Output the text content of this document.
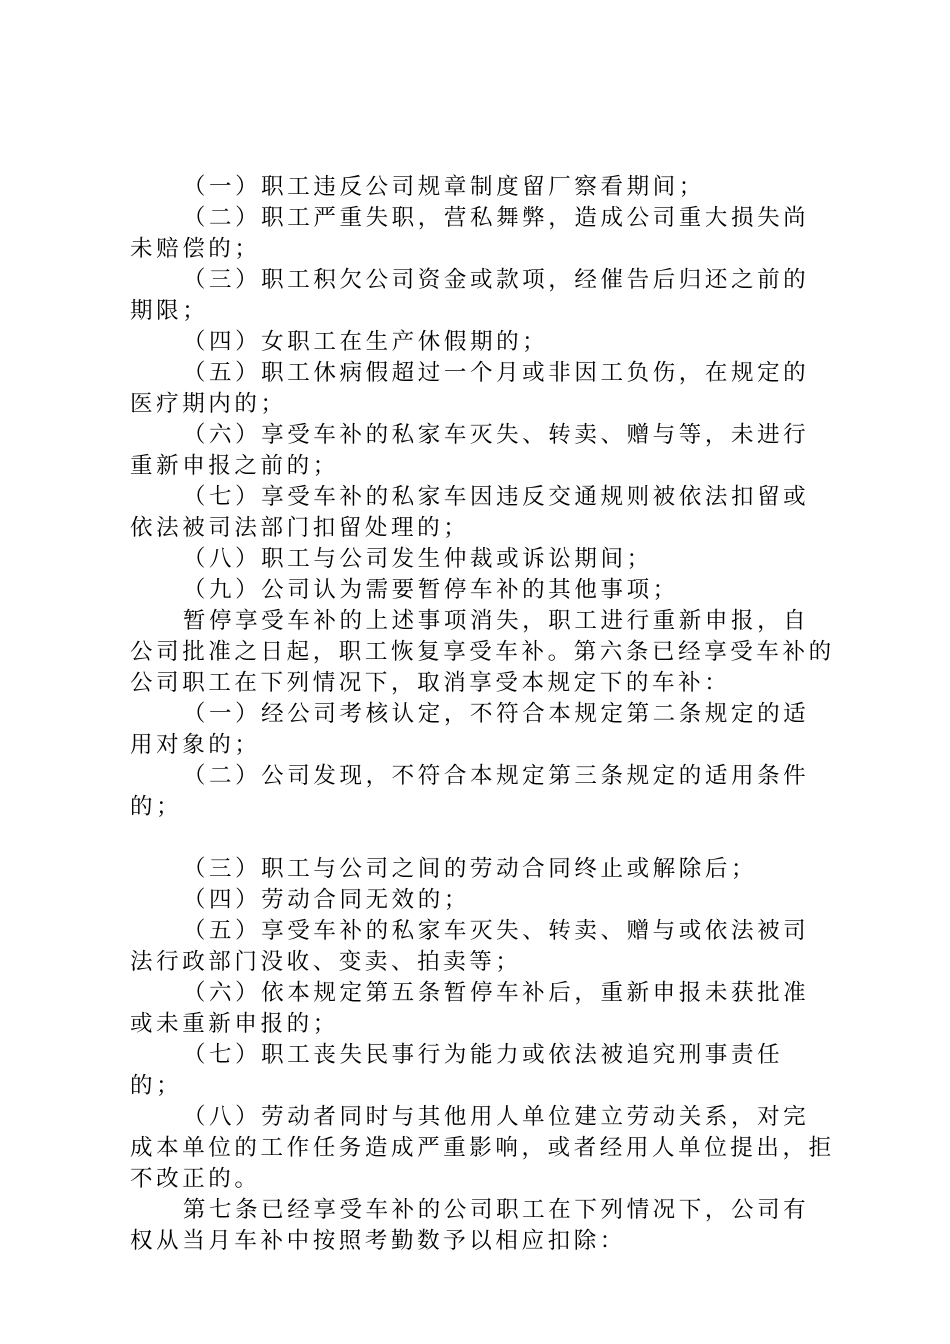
（一）职工违反公司规章制度留厂察看期间；

（二）职工严重失职，营私舞弊，造成公司重大损失尚未赔偿的；

（三）职工积欠公司资金或款项，经催告后归还之前的期限；

（四）女职工在生产休假期的；

（五）职工休病假超过一个月或非因工负伤，在规定的医疗期内的；

（六）享受车补的私家车灭失、转卖、赠与等，未进行重新申报之前的；

（七）享受车补的私家车因违反交通规则被依法扣留或依法被司法部门扣留处理的；

（八）职工与公司发生仲裁或诉讼期间；

（九）公司认为需要暂停车补的其他事项；

暂停享受车补的上述事项消失，职工进行重新申报，自公司批准之日起，职工恢复享受车补。第六条已经享受车补的公司职工在下列情况下，取消享受本规定下的车补：

（一）经公司考核认定，不符合本规定第二条规定的适用对象的；

（二）公司发现，不符合本规定第三条规定的适用条件的；

（三）职工与公司之间的劳动合同终止或解除后；

（四）劳动合同无效的；

（五）享受车补的私家车灭失、转卖、赠与或依法被司法行政部门没收、变卖、拍卖等；

（六）依本规定第五条暂停车补后，重新申报未获批准或未重新申报的；

（七）职工丧失民事行为能力或依法被追究刑事责任的；

（八）劳动者同时与其他用人单位建立劳动关系，对完成本单位的工作任务造成严重影响，或者经用人单位提出，拒不改正的。

第七条已经享受车补的公司职工在下列情况下，公司有权从当月车补中按照考勤数予以相应扣除：
